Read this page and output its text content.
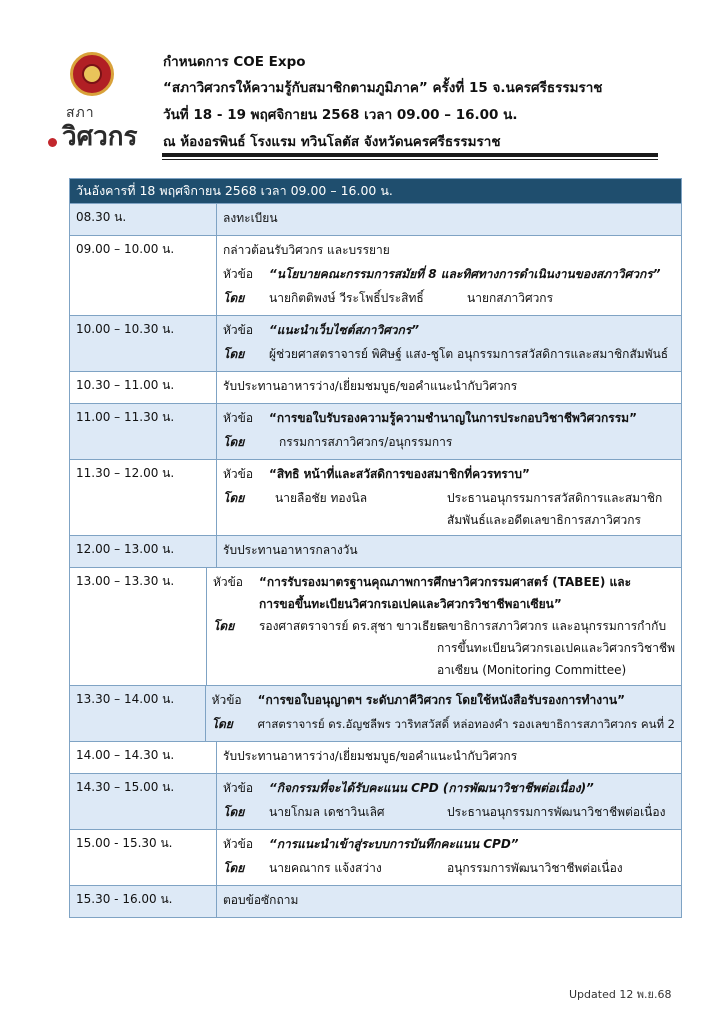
สภา
วิศวกร
กำหนดการ COE Expo
“สภาวิศวกรให้ความรู้กับสมาชิกตามภูมิภาค” ครั้งที่ 15 จ.นครศรีธรรมราช
วันที่ 18 - 19 พฤศจิกายน 2568 เวลา 09.00 – 16.00 น.
ณ ห้องอรพินธ์ โรงแรม ทวินโลตัส จังหวัดนครศรีธรรมราช
วันอังคารที่ 18 พฤศจิกายน 2568 เวลา 09.00 – 16.00 น.
08.30 น.	ลงทะเบียน
09.00 – 10.00 น.	กล่าวต้อนรับวิศวกร และบรรยาย
หัวข้อ	“นโยบายคณะกรรมการสมัยที่ 8 และทิศทางการดำเนินงานของสภาวิศวกร”
โดย	นายกิตติพงษ์ วีระโพธิ์ประสิทธิ์	นายกสภาวิศวกร
10.00 – 10.30 น.	หัวข้อ	“แนะนำเว็บไซต์สภาวิศวกร”
โดย	ผู้ช่วยศาสตราจารย์ พิศิษฐ์ แสง-ชูโต อนุกรรมการสวัสดิการและสมาชิกสัมพันธ์
10.30 – 11.00 น.	รับประทานอาหารว่าง/เยี่ยมชมบูธ/ขอคำแนะนำกับวิศวกร
11.00 – 11.30 น.	หัวข้อ	“การขอใบรับรองความรู้ความชำนาญในการประกอบวิชาชีพวิศวกรรม”
โดย	กรรมการสภาวิศวกร/อนุกรรมการ
11.30 – 12.00 น.	หัวข้อ	“สิทธิ หน้าที่และสวัสดิการของสมาชิกที่ควรทราบ”
โดย	นายลือชัย ทองนิล	ประธานอนุกรรมการสวัสดิการและสมาชิก
สัมพันธ์และอดีตเลขาธิการสภาวิศวกร
12.00 – 13.00 น.	รับประทานอาหารกลางวัน
13.00 – 13.30 น.	หัวข้อ	“การรับรองมาตรฐานคุณภาพการศึกษาวิศวกรรมศาสตร์ (TABEE) และ
การขอขึ้นทะเบียนวิศวกรเอเปคและวิศวกรวิชาชีพอาเซียน”
โดย	รองศาสตราจารย์ ดร.สุชา ขาวเธียร
เลขาธิการสภาวิศวกร และอนุกรรมการกำกับ
การขึ้นทะเบียนวิศวกรเอเปคและวิศวกรวิชาชีพ
อาเซียน (Monitoring Committee)
13.30 – 14.00 น.	หัวข้อ	“การขอใบอนุญาตฯ ระดับภาคีวิศวกร โดยใช้หนังสือรับรองการทำงาน”
โดย	ศาสตราจารย์ ดร.อัญชลีพร วาริทสวัสดิ์ หล่อทองคำ รองเลขาธิการสภาวิศวกร คนที่ 2
14.00 – 14.30 น.	รับประทานอาหารว่าง/เยี่ยมชมบูธ/ขอคำแนะนำกับวิศวกร
14.30 – 15.00 น.	หัวข้อ	“กิจกรรมที่จะได้รับคะแนน CPD (การพัฒนาวิชาชีพต่อเนื่อง)”
โดย	นายโกมล เดชาวินเลิศ	ประธานอนุกรรมการพัฒนาวิชาชีพต่อเนื่อง
15.00 - 15.30 น.	หัวข้อ	“การแนะนำเข้าสู่ระบบการบันทึกคะแนน CPD”
โดย	นายคณากร แจ้งสว่าง	อนุกรรมการพัฒนาวิชาชีพต่อเนื่อง
15.30 - 16.00 น.	ตอบข้อซักถาม
Updated 12 พ.ย.68
